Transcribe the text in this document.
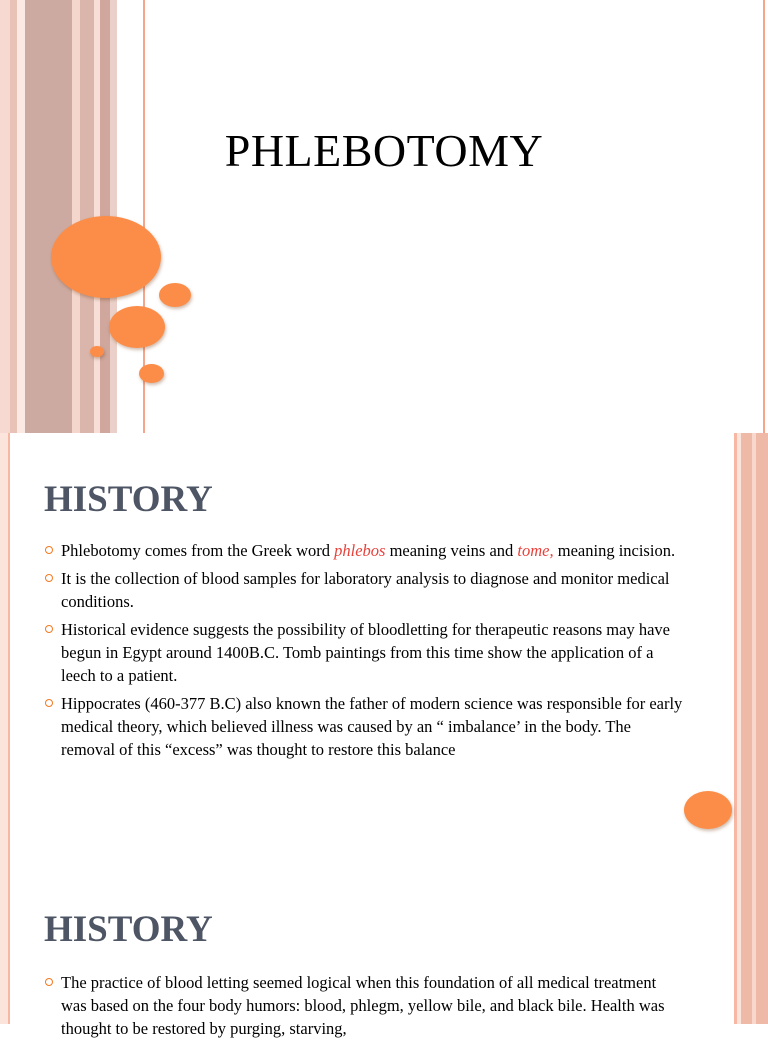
PHLEBOTOMY
HISTORY
Phlebotomy comes from the Greek word phlebos meaning veins and tome, meaning incision.
It is the collection of blood samples for laboratory analysis to diagnose and monitor medical conditions.
Historical evidence suggests the possibility of bloodletting for therapeutic reasons may have begun in Egypt around 1400B.C. Tomb paintings from this time show the application of a leech to a patient.
Hippocrates (460-377 B.C) also known the father of modern science was responsible for early medical theory, which believed illness was caused by an “ imbalance’ in the body. The removal of this “excess” was thought to restore this balance
HISTORY
The practice of blood letting seemed logical when this foundation of all medical treatment was based on the four body humors: blood, phlegm, yellow bile, and black bile. Health was thought to be restored by purging, starving,
